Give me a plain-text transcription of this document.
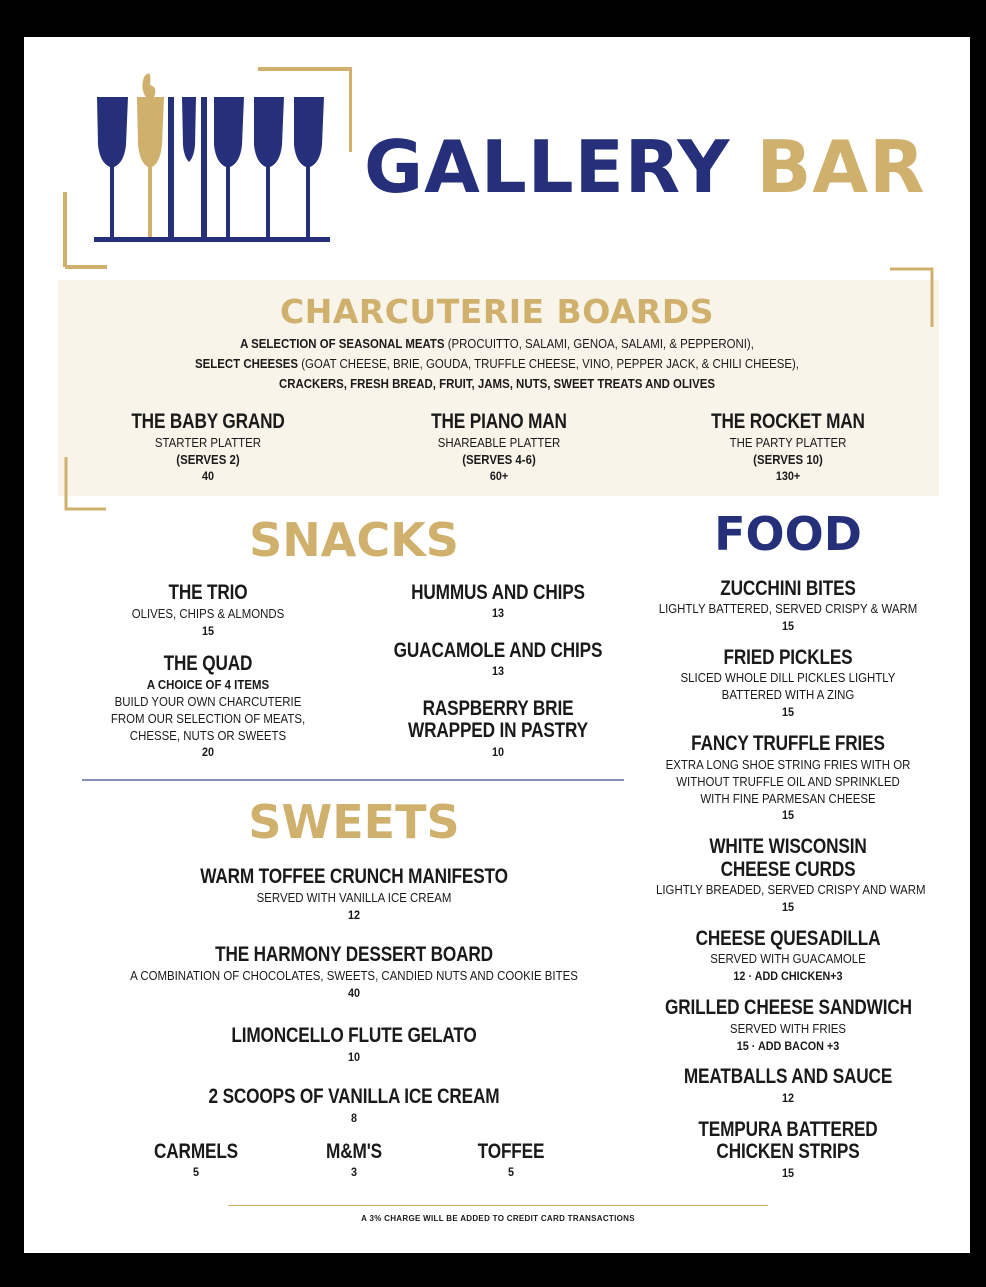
GALLERY BAR
CHARCUTERIE BOARDS
A SELECTION OF SEASONAL MEATS (PROCUITTO, SALAMI, GENOA, SALAMI, & PEPPERONI),
SELECT CHEESES (GOAT CHEESE, BRIE, GOUDA, TRUFFLE CHEESE, VINO, PEPPER JACK, & CHILI CHEESE),
CRACKERS, FRESH BREAD, FRUIT, JAMS, NUTS, SWEET TREATS AND OLIVES
THE BABY GRAND
STARTER PLATTER
(SERVES 2)
40
THE PIANO MAN
SHAREABLE PLATTER
(SERVES 4-6)
60+
THE ROCKET MAN
THE PARTY PLATTER
(SERVES 10)
130+
SNACKS
THE TRIO
OLIVES, CHIPS & ALMONDS
15
THE QUAD
A CHOICE OF 4 ITEMS
BUILD YOUR OWN CHARCUTERIE
FROM OUR SELECTION OF MEATS,
CHESSE, NUTS OR SWEETS
20
HUMMUS AND CHIPS
13
GUACAMOLE AND CHIPS
13
RASPBERRY BRIE
WRAPPED IN PASTRY
10
SWEETS
WARM TOFFEE CRUNCH MANIFESTO
SERVED WITH VANILLA ICE CREAM
12
THE HARMONY DESSERT BOARD
A COMBINATION OF CHOCOLATES, SWEETS, CANDIED NUTS AND COOKIE BITES
40
LIMONCELLO FLUTE GELATO
10
2 SCOOPS OF VANILLA ICE CREAM
8
CARMELS
5
M&M'S
3
TOFFEE
5
FOOD
ZUCCHINI BITES
LIGHTLY BATTERED, SERVED CRISPY & WARM
15
FRIED PICKLES
SLICED WHOLE DILL PICKLES LIGHTLY
BATTERED WITH A ZING
15
FANCY TRUFFLE FRIES
EXTRA LONG SHOE STRING FRIES WITH OR
WITHOUT TRUFFLE OIL AND SPRINKLED
WITH FINE PARMESAN CHEESE
15
WHITE WISCONSIN
CHEESE CURDS
LIGHTLY BREADED, SERVED CRISPY AND WARM
15
CHEESE QUESADILLA
SERVED WITH GUACAMOLE
12 · ADD CHICKEN+3
GRILLED CHEESE SANDWICH
SERVED WITH FRIES
15 · ADD BACON +3
MEATBALLS AND SAUCE
12
TEMPURA BATTERED
CHICKEN STRIPS
15
A 3% CHARGE WILL BE ADDED TO CREDIT CARD TRANSACTIONS
